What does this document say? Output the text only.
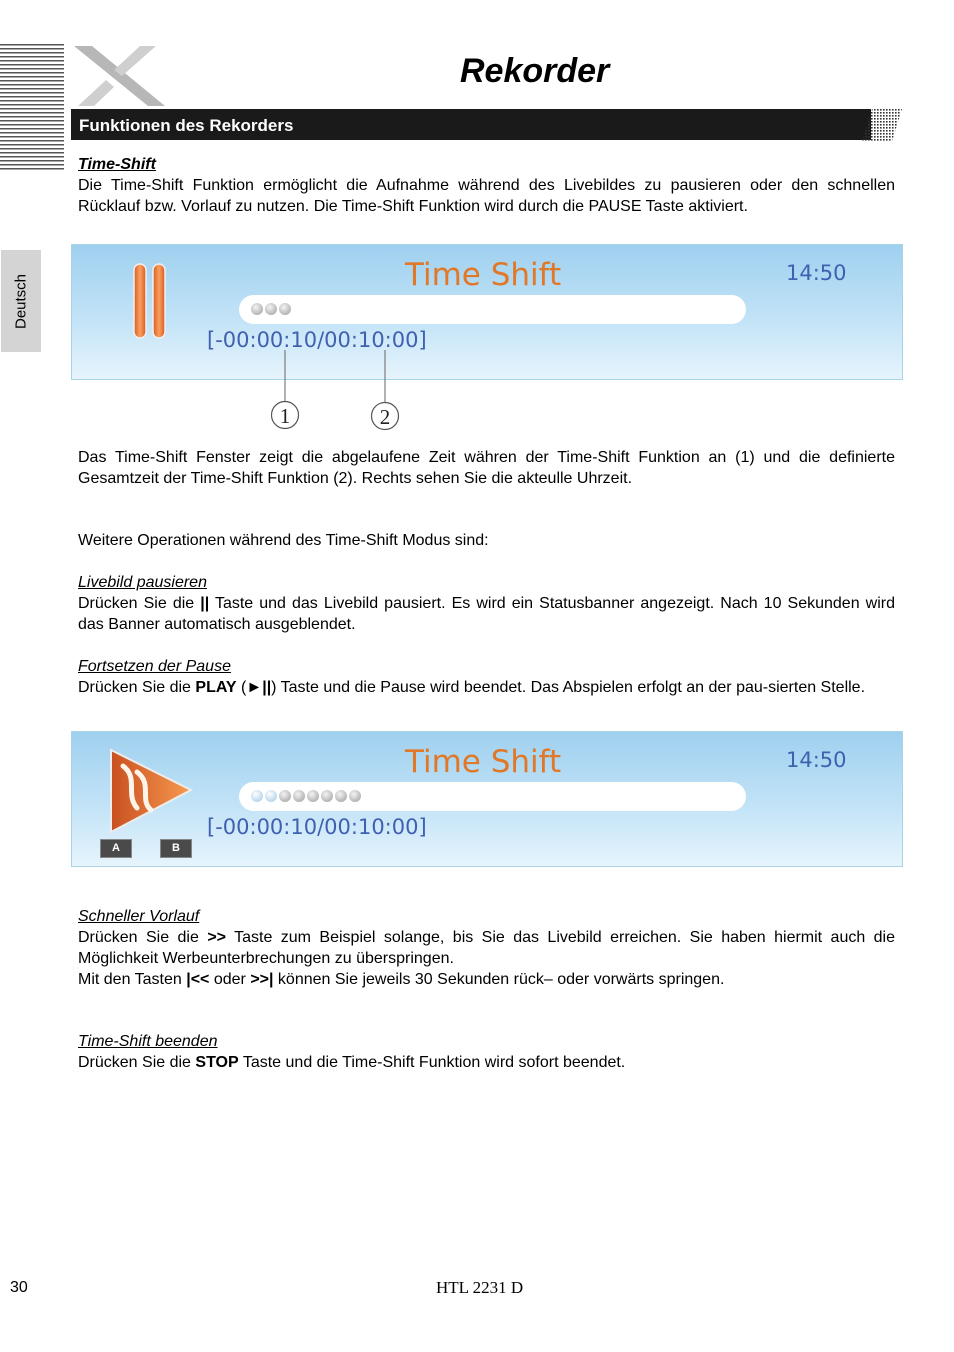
Rekorder
Funktionen des Rekorders
Deutsch
Time-Shift
Die Time-Shift Funktion ermöglicht die Aufnahme während des Livebildes zu pausieren oder den schnellen Rücklauf bzw. Vorlauf zu nutzen. Die Time-Shift Funktion wird durch die PAUSE Taste aktiviert.
Time Shift	14:50
[-00:00:10/00:10:00]
1	2
Das Time-Shift Fenster zeigt die abgelaufene Zeit währen der Time-Shift Funktion an (1) und die definierte Gesamtzeit der Time-Shift Funktion (2). Rechts sehen Sie die akteulle Uhrzeit.
Weitere Operationen während des Time-Shift Modus sind:
Livebild pausieren
Drücken Sie die || Taste und das Livebild pausiert. Es wird ein Statusbanner angezeigt. Nach 10 Sekunden wird das Banner automatisch ausgeblendet.
Fortsetzen der Pause
Drücken Sie die PLAY (►||) Taste und die Pause wird beendet. Das Abspielen erfolgt an der pau-sierten Stelle.
A	B
Time Shift	14:50
[-00:00:10/00:10:00]
Schneller Vorlauf
Drücken Sie die >> Taste zum Beispiel solange, bis Sie das Livebild erreichen. Sie haben hiermit auch die Möglichkeit Werbeunterbrechungen zu überspringen.
Mit den Tasten |<< oder >>| können Sie jeweils 30 Sekunden rück– oder vorwärts springen.
Time-Shift beenden
Drücken Sie die STOP Taste und die Time-Shift Funktion wird sofort beendet.
30	HTL 2231 D
